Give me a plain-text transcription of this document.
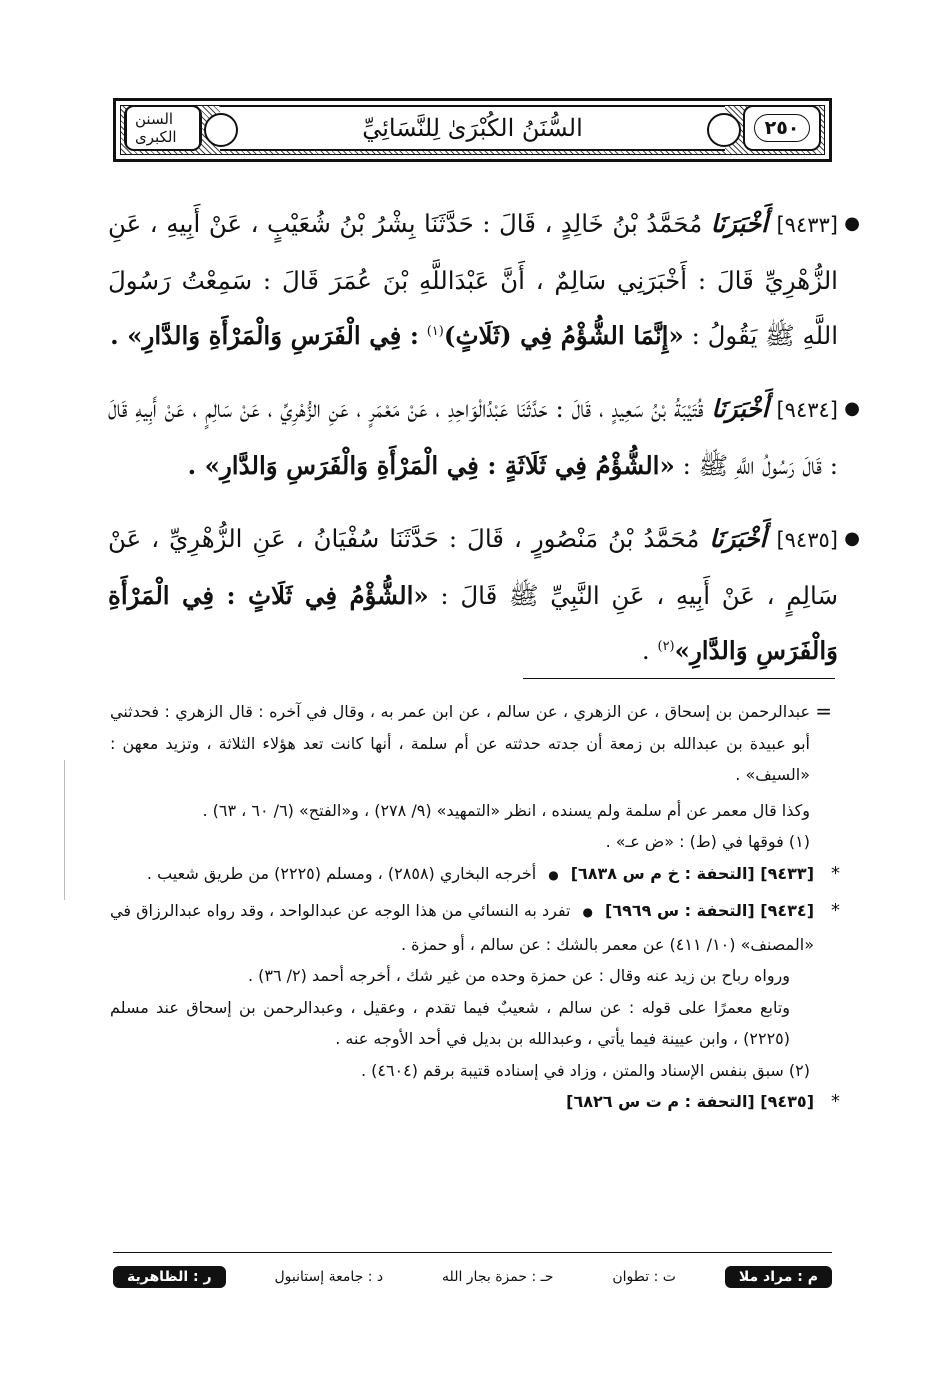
٢٥٠
السُّنَنُ الكُبْرَىٰ لِلنَّسَائِيِّ
السنن الكبرى

●
[٩٤٣٣] أَخْبَرَنَا مُحَمَّدُ بْنُ خَالِدٍ ، قَالَ : حَدَّثَنَا بِشْرُ بْنُ شُعَيْبٍ ، عَنْ أَبِيهِ ، عَنِ الزُّهْرِيِّ قَالَ : أَخْبَرَنِي سَالِمٌ ، أَنَّ عَبْدَاللَّهِ بْنَ عُمَرَ قَالَ : سَمِعْتُ رَسُولَ اللَّهِ ﷺ يَقُولُ : «إِنَّمَا الشُّؤْمُ فِي (ثَلَاثٍ)$^{(١)}$ : فِي الْفَرَسِ وَالْمَرْأَةِ وَالدَّارِ» .

●
[٩٤٣٤] أَخْبَرَنَا قُتَيْبَةُ بْنُ سَعِيدٍ ، قَالَ : حَدَّثَنَا عَبْدُالْوَاحِدِ ، عَنْ مَعْمَرٍ ، عَنِ الزُّهْرِيِّ ، عَنْ سَالِمٍ ، عَنْ أَبِيهِ قَالَ : قَالَ رَسُولُ اللَّهِ ﷺ : «الشُّؤْمُ فِي ثَلَاثَةٍ : فِي الْمَرْأَةِ وَالْفَرَسِ وَالدَّارِ» .

●
[٩٤٣٥] أَخْبَرَنَا مُحَمَّدُ بْنُ مَنْصُورٍ ، قَالَ : حَدَّثَنَا سُفْيَانُ ، عَنِ الزُّهْرِيِّ ، عَنْ سَالِمٍ ، عَنْ أَبِيهِ ، عَنِ النَّبِيِّ ﷺ قَالَ : «الشُّؤْمُ فِي ثَلَاثٍ : فِي الْمَرْأَةِ وَالْفَرَسِ وَالدَّارِ»$^{(٢)}$ .

=
عبدالرحمن بن إسحاق ، عن الزهري ، عن سالم ، عن ابن عمر به ، وقال في آخره : قال الزهري : فحدثني أبو عبيدة بن عبدالله بن زمعة أن جدته حدثته عن أم سلمة ، أنها كانت تعد هؤلاء الثلاثة ، وتزيد معهن : «السيف» .

وكذا قال معمر عن أم سلمة ولم يسنده ، انظر «التمهيد» (٩/ ٢٧٨) ، و«الفتح» (٦/ ٦٠ ، ٦٣) .

(١) فوقها في (ط) : «ض عـ» .

*
[٩٤٣٣] [التحفة : خ م س ٦٨٣٨]●أخرجه البخاري (٢٨٥٨) ، ومسلم (٢٢٢٥) من طريق شعيب .

*
[٩٤٣٤] [التحفة : س ٦٩٦٩]●تفرد به النسائي من هذا الوجه عن عبدالواحد ، وقد رواه عبدالرزاق في «المصنف» (١٠/ ٤١١) عن معمر بالشك : عن سالم ، أو حمزة .

ورواه رباح بن زيد عنه وقال : عن حمزة وحده من غير شك ، أخرجه أحمد (٢/ ٣٦) .

وتابع معمرًا على قوله : عن سالم ، شعيبٌ فيما تقدم ، وعقيل ، وعبدالرحمن بن إسحاق عند مسلم (٢٢٢٥) ، وابن عيينة فيما يأتي ، وعبدالله بن بديل في أحد الأوجه عنه .

(٢) سبق بنفس الإسناد والمتن ، وزاد في إسناده قتيبة برقم (٤٦٠٤) .

*
[٩٤٣٥] [التحفة : م ت س ٦٨٢٦]

م : مراد ملا
ت : تطوان
حـ : حمزة بجار الله
د : جامعة إستانبول
ر : الظاهرية
